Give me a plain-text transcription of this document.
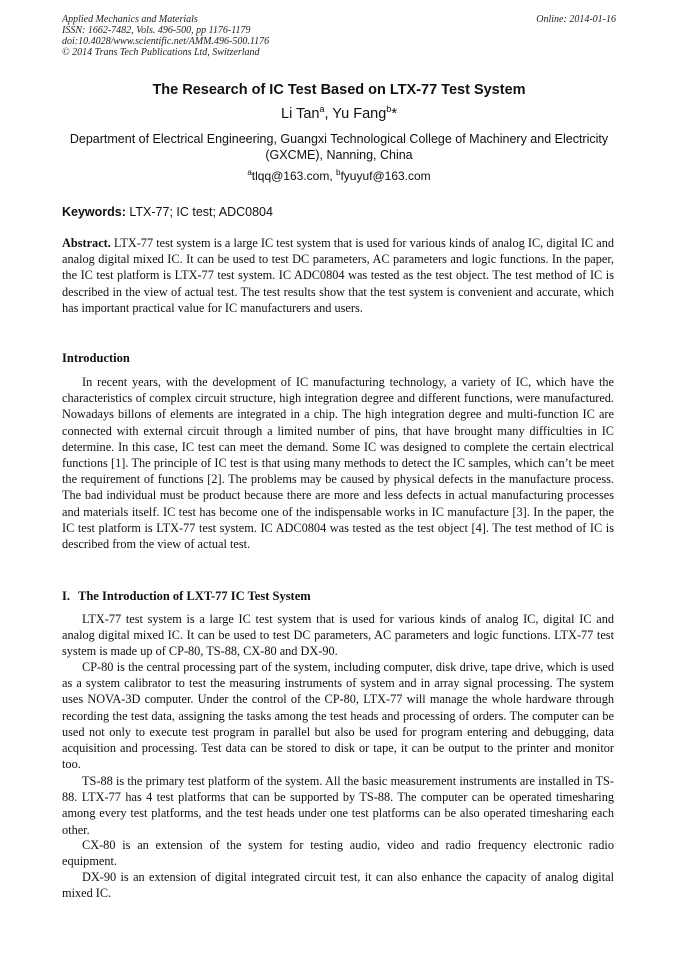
Applied Mechanics and Materials
ISSN: 1662-7482, Vols. 496-500, pp 1176-1179
doi:10.4028/www.scientific.net/AMM.496-500.1176
© 2014 Trans Tech Publications Ltd, Switzerland
Online: 2014-01-16
The Research of IC Test Based on LTX-77 Test System
Li Tan$^a$, Yu Fang$^b$*
Department of Electrical Engineering, Guangxi Technological College of Machinery and Electricity (GXCME), Nanning, China
$^a$tlqq@163.com, $^b$fyuyuf@163.com
Keywords: LTX-77; IC test; ADC0804
Abstract. LTX-77 test system is a large IC test system that is used for various kinds of analog IC, digital IC and analog digital mixed IC. It can be used to test DC parameters, AC parameters and logic functions. In the paper, the IC test platform is LTX-77 test system. IC ADC0804 was tested as the test object. The test method of IC is described in the view of actual test. The test results show that the test system is convenient and accurate, which has important practical value for IC manufacturers and users.
Introduction
In recent years, with the development of IC manufacturing technology, a variety of IC, which have the characteristics of complex circuit structure, high integration degree and different functions, were manufactured. Nowadays billons of elements are integrated in a chip. The high integration degree and multi-function IC are connected with external circuit through a limited number of pins, that have brought many difficulties in IC determine. In this case, IC test can meet the demand. Some IC was designed to complete the certain electrical functions [1]. The principle of IC test is that using many methods to detect the IC samples, which can’t be meet the requirement of functions [2]. The problems may be caused by physical defects in the manufacture process. The bad individual must be product because there are more and less defects in actual manufacturing processes and materials itself. IC test has become one of the indispensable works in IC manufacture [3]. In the paper, the IC test platform is LTX-77 test system. IC ADC0804 was tested as the test object [4]. The test method of IC is described from the view of actual test.
I. The Introduction of LXT-77 IC Test System
LTX-77 test system is a large IC test system that is used for various kinds of analog IC, digital IC and analog digital mixed IC. It can be used to test DC parameters, AC parameters and logic functions. LTX-77 test system is made up of CP-80, TS-88, CX-80 and DX-90.
CP-80 is the central processing part of the system, including computer, disk drive, tape drive, which is used as a system calibrator to test the measuring instruments of system and in array signal processing. The system uses NOVA-3D computer. Under the control of the CP-80, LTX-77 will manage the whole hardware through recording the test data, assigning the tasks among the test heads and processing of orders. The computer can be used not only to execute test program in parallel but also be used for program entering and debugging, data acquisition and processing. Test data can be stored to disk or tape, it can be output to the printer and monitor too.
TS-88 is the primary test platform of the system. All the basic measurement instruments are installed in TS-88. LTX-77 has 4 test platforms that can be supported by TS-88. The computer can be operated timesharing among every test platforms, and the test heads under one test platforms can be also operated timesharing each other.
CX-80 is an extension of the system for testing audio, video and radio frequency electronic radio equipment.
DX-90 is an extension of digital integrated circuit test, it can also enhance the capacity of analog digital mixed IC.
